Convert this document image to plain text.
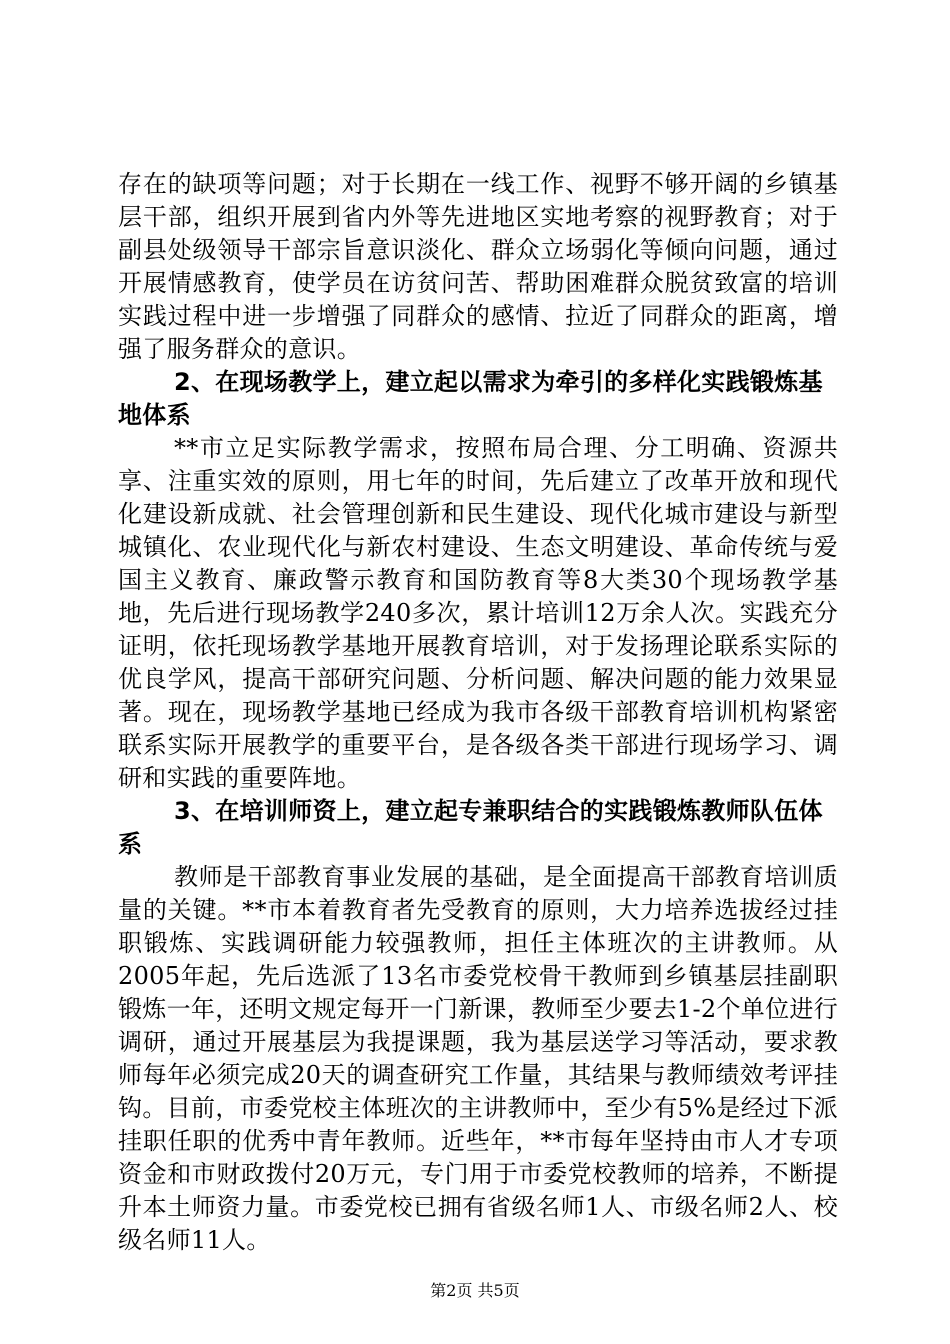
存在的缺项等问题；对于长期在一线工作、视野不够开阔的乡镇基层干部，组织开展到省内外等先进地区实地考察的视野教育；对于副县处级领导干部宗旨意识淡化、群众立场弱化等倾向问题，通过开展情感教育，使学员在访贫问苦、帮助困难群众脱贫致富的培训实践过程中进一步增强了同群众的感情、拉近了同群众的距离，增强了服务群众的意识。

2、在现场教学上，建立起以需求为牵引的多样化实践锻炼基地体系

**市立足实际教学需求，按照布局合理、分工明确、资源共享、注重实效的原则，用七年的时间，先后建立了改革开放和现代化建设新成就、社会管理创新和民生建设、现代化城市建设与新型城镇化、农业现代化与新农村建设、生态文明建设、革命传统与爱国主义教育、廉政警示教育和国防教育等8大类30个现场教学基地，先后进行现场教学240多次，累计培训12万余人次。实践充分证明，依托现场教学基地开展教育培训，对于发扬理论联系实际的优良学风，提高干部研究问题、分析问题、解决问题的能力效果显著。现在，现场教学基地已经成为我市各级干部教育培训机构紧密联系实际开展教学的重要平台，是各级各类干部进行现场学习、调研和实践的重要阵地。

3、在培训师资上，建立起专兼职结合的实践锻炼教师队伍体系

教师是干部教育事业发展的基础，是全面提高干部教育培训质量的关键。**市本着教育者先受教育的原则，大力培养选拔经过挂职锻炼、实践调研能力较强教师，担任主体班次的主讲教师。从2005年起，先后选派了13名市委党校骨干教师到乡镇基层挂副职锻炼一年，还明文规定每开一门新课，教师至少要去1-2个单位进行调研，通过开展基层为我提课题，我为基层送学习等活动，要求教师每年必须完成20天的调查研究工作量，其结果与教师绩效考评挂钩。目前，市委党校主体班次的主讲教师中，至少有5%是经过下派挂职任职的优秀中青年教师。近些年，**市每年坚持由市人才专项资金和市财政拨付20万元，专门用于市委党校教师的培养，不断提升本土师资力量。市委党校已拥有省级名师1人、市级名师2人、校级名师11人。

第2页 共5页
